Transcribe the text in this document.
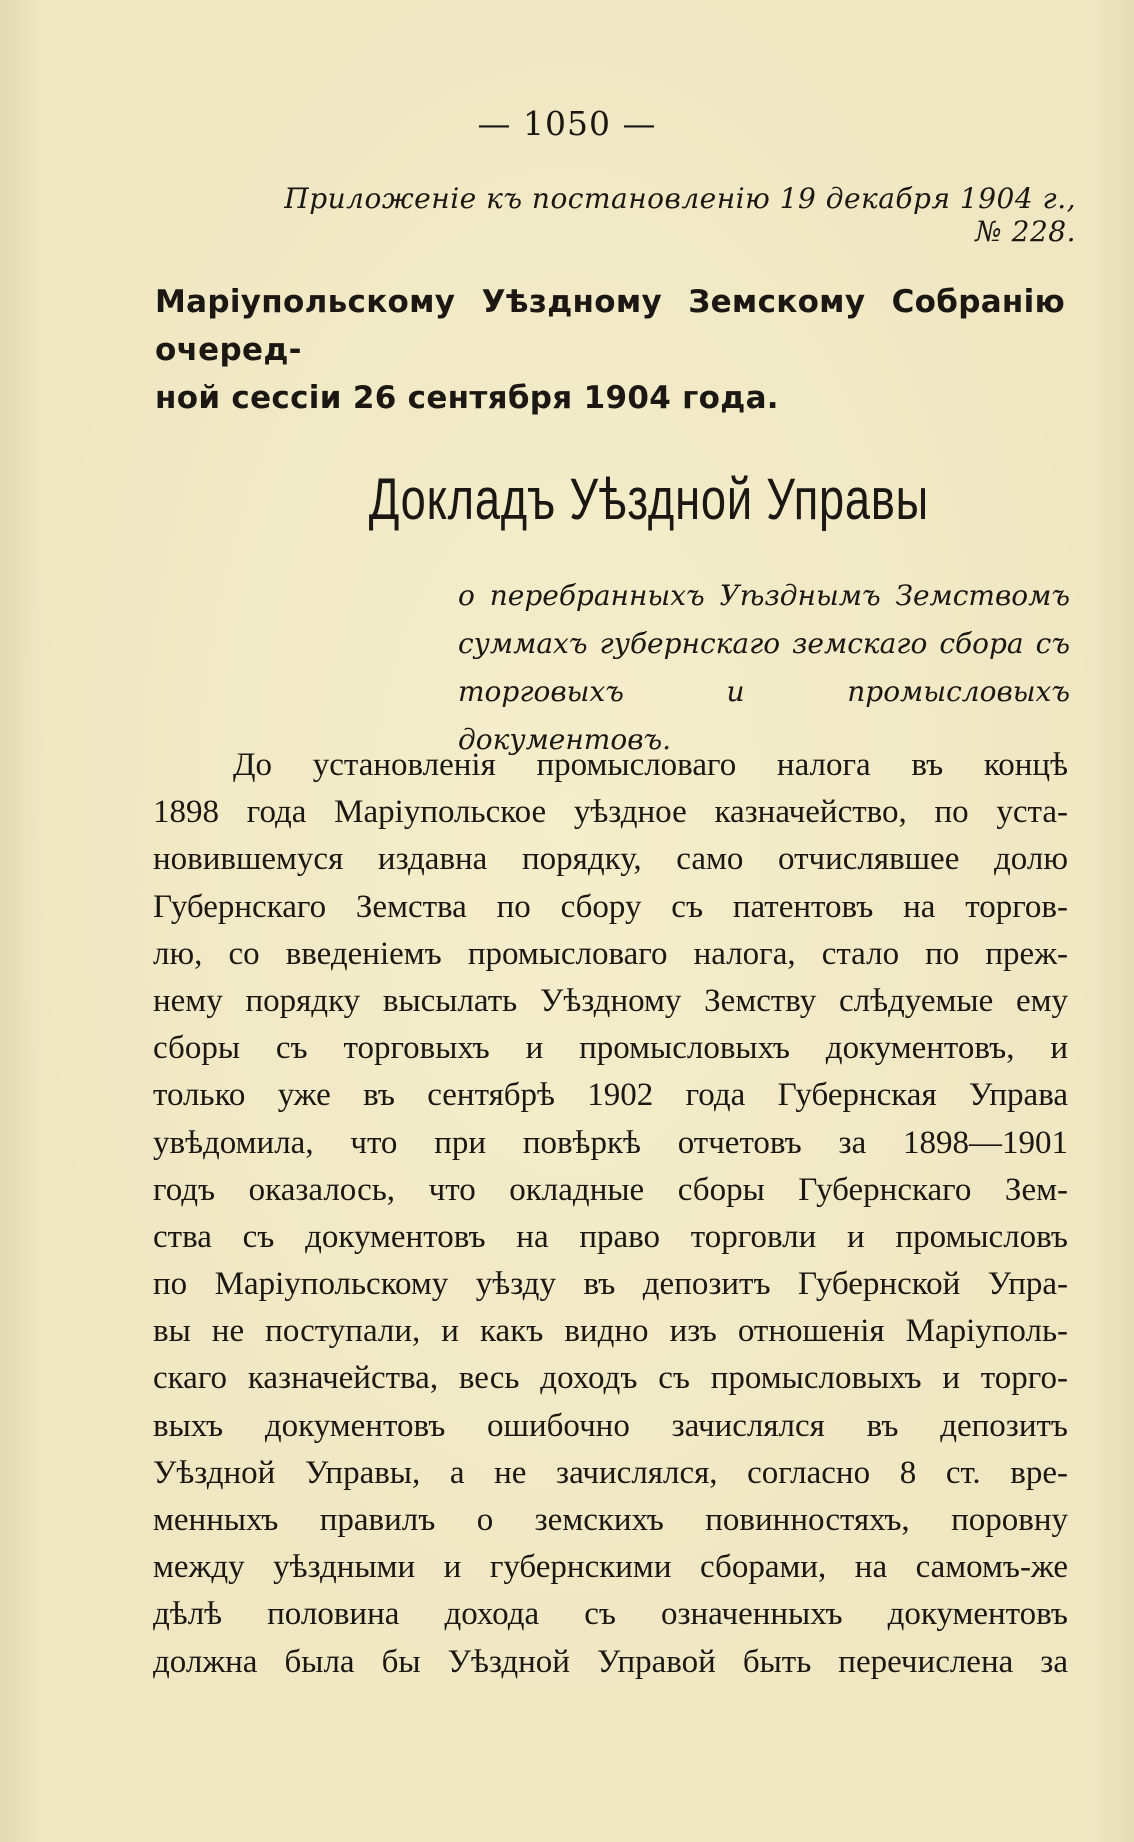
— 1050 —
Приложеніе къ постановленію 19 декабря 1904 г., № 228.
Маріупольскому Уѣздному Земскому Собранію очеред-
ной сессіи 26 сентября 1904 года.
Докладъ Уѣздной Управы
о перебранныхъ Уѣзднымъ Земствомъ
суммахъ губернскаго земскаго сбора съ
торговыхъ и промысловыхъ документовъ.
До установленія промысловаго налога въ концѣ
1898 года Маріупольское уѣздное казначейство, по уста-
новившемуся издавна порядку, само отчислявшее долю
Губернскаго Земства по сбору съ патентовъ на торгов-
лю, со введеніемъ промысловаго налога, стало по преж-
нему порядку высылать Уѣздному Земству слѣдуемые ему
сборы съ торговыхъ и промысловыхъ документовъ, и
только уже въ сентябрѣ 1902 года Губернская Управа
увѣдомила, что при повѣркѣ отчетовъ за 1898—1901
годъ оказалось, что окладные сборы Губернскаго Зем-
ства съ документовъ на право торговли и промысловъ
по Маріупольскому уѣзду въ депозитъ Губернской Упра-
вы не поступали, и какъ видно изъ отношенія Маріуполь-
скаго казначейства, весь доходъ съ промысловыхъ и торго-
выхъ документовъ ошибочно зачислялся въ депозитъ
Уѣздной Управы, а не зачислялся, согласно 8 ст. вре-
менныхъ правилъ о земскихъ повинностяхъ, поровну
между уѣздными и губернскими сборами, на самомъ-же
дѣлѣ половина дохода съ означенныхъ документовъ
должна была бы Уѣздной Управой быть перечислена за
